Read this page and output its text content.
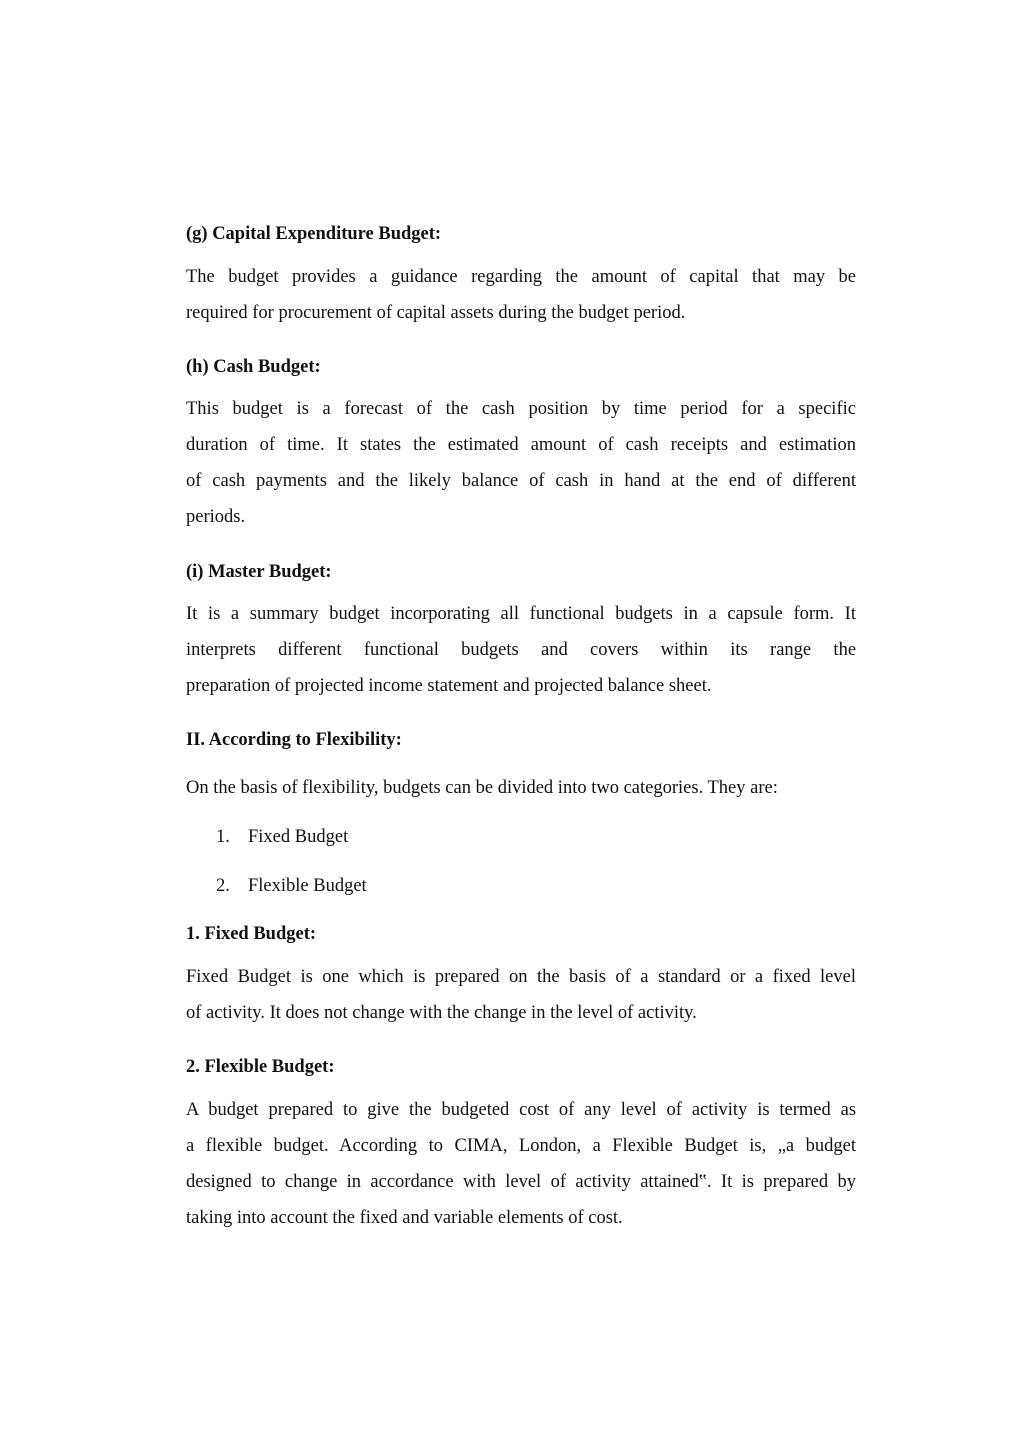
(g) Capital Expenditure Budget:
The budget provides a guidance regarding the amount of capital that may be
required for procurement of capital assets during the budget period.
(h) Cash Budget:
This budget is a forecast of the cash position by time period for a specific
duration of time. It states the estimated amount of cash receipts and estimation
of cash payments and the likely balance of cash in hand at the end of different
periods.
(i) Master Budget:
It is a summary budget incorporating all functional budgets in a capsule form. It
interprets different functional budgets and covers within its range the
preparation of projected income statement and projected balance sheet.
II. According to Flexibility:
On the basis of flexibility, budgets can be divided into two categories. They are:
1. Fixed Budget
2. Flexible Budget
1. Fixed Budget:
Fixed Budget is one which is prepared on the basis of a standard or a fixed level
of activity. It does not change with the change in the level of activity.
2. Flexible Budget:
A budget prepared to give the budgeted cost of any level of activity is termed as
a flexible budget. According to CIMA, London, a Flexible Budget is, „a budget
designed to change in accordance with level of activity attained‟. It is prepared by
taking into account the fixed and variable elements of cost.
